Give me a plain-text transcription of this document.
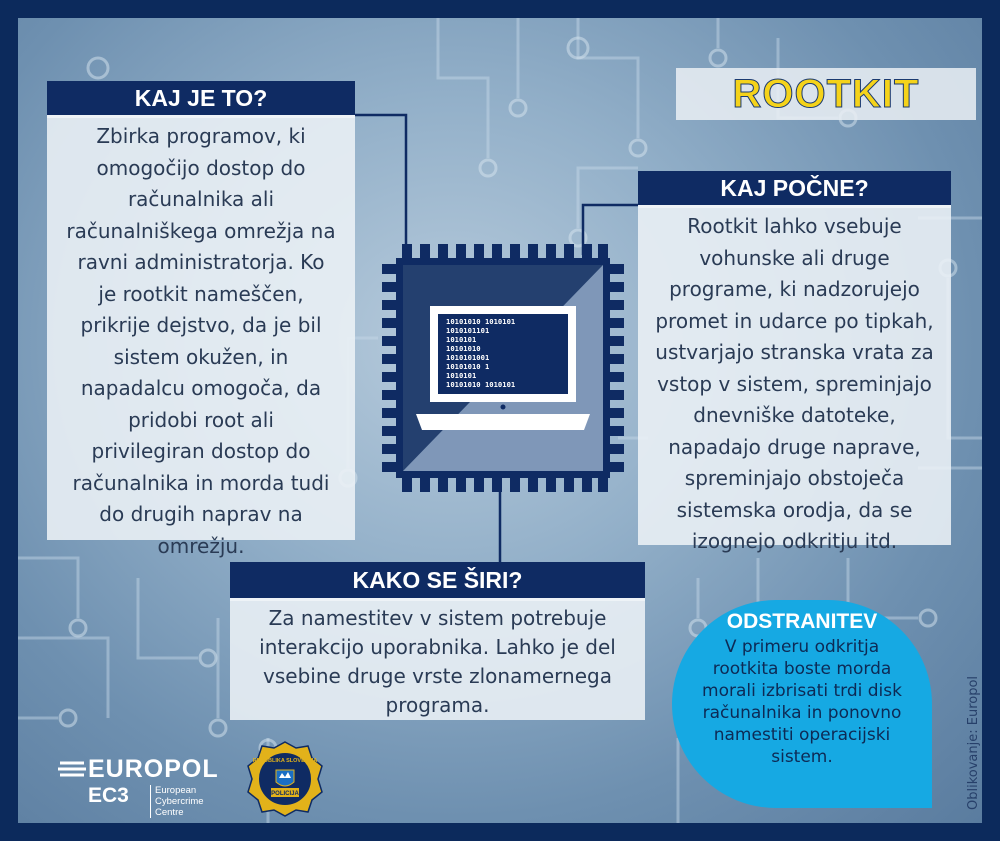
10101010 1010101
1010101101
1010101
10101010
1010101001
10101010 1
1010101
10101010 1010101
ROOTKIT
KAJ JE TO?
Zbirka programov, ki
omogočijo dostop do
računalnika ali
računalniškega omrežja na
ravni administratorja. Ko
je rootkit nameščen,
prikrije dejstvo, da je bil
sistem okužen, in
napadalcu omogoča, da
pridobi root ali
privilegiran dostop do
računalnika in morda tudi
do drugih naprav na
omrežju.
KAJ POČNE?
Rootkit lahko vsebuje
vohunske ali druge
programe, ki nadzorujejo
promet in udarce po tipkah,
ustvarjajo stranska vrata za
vstop v sistem, spreminjajo
dnevniške datoteke,
napadajo druge naprave,
spreminjajo obstoječa
sistemska orodja, da se
izognejo odkritju itd.
KAKO SE ŠIRI?
Za namestitev v sistem potrebuje
interakcijo uporabnika. Lahko je del
vsebine druge vrste zlonamernega
programa.
ODSTRANITEV
V primeru odkritja
rootkita boste morda
morali izbrisati trdi disk
računalnika in ponovno
namestiti operacijski
sistem.	Oblikovanje: Europol
EUROPOL
EC3	European Cybercrime
Centre
REPUBLIKA SLOVENIJA
POLICIJA
